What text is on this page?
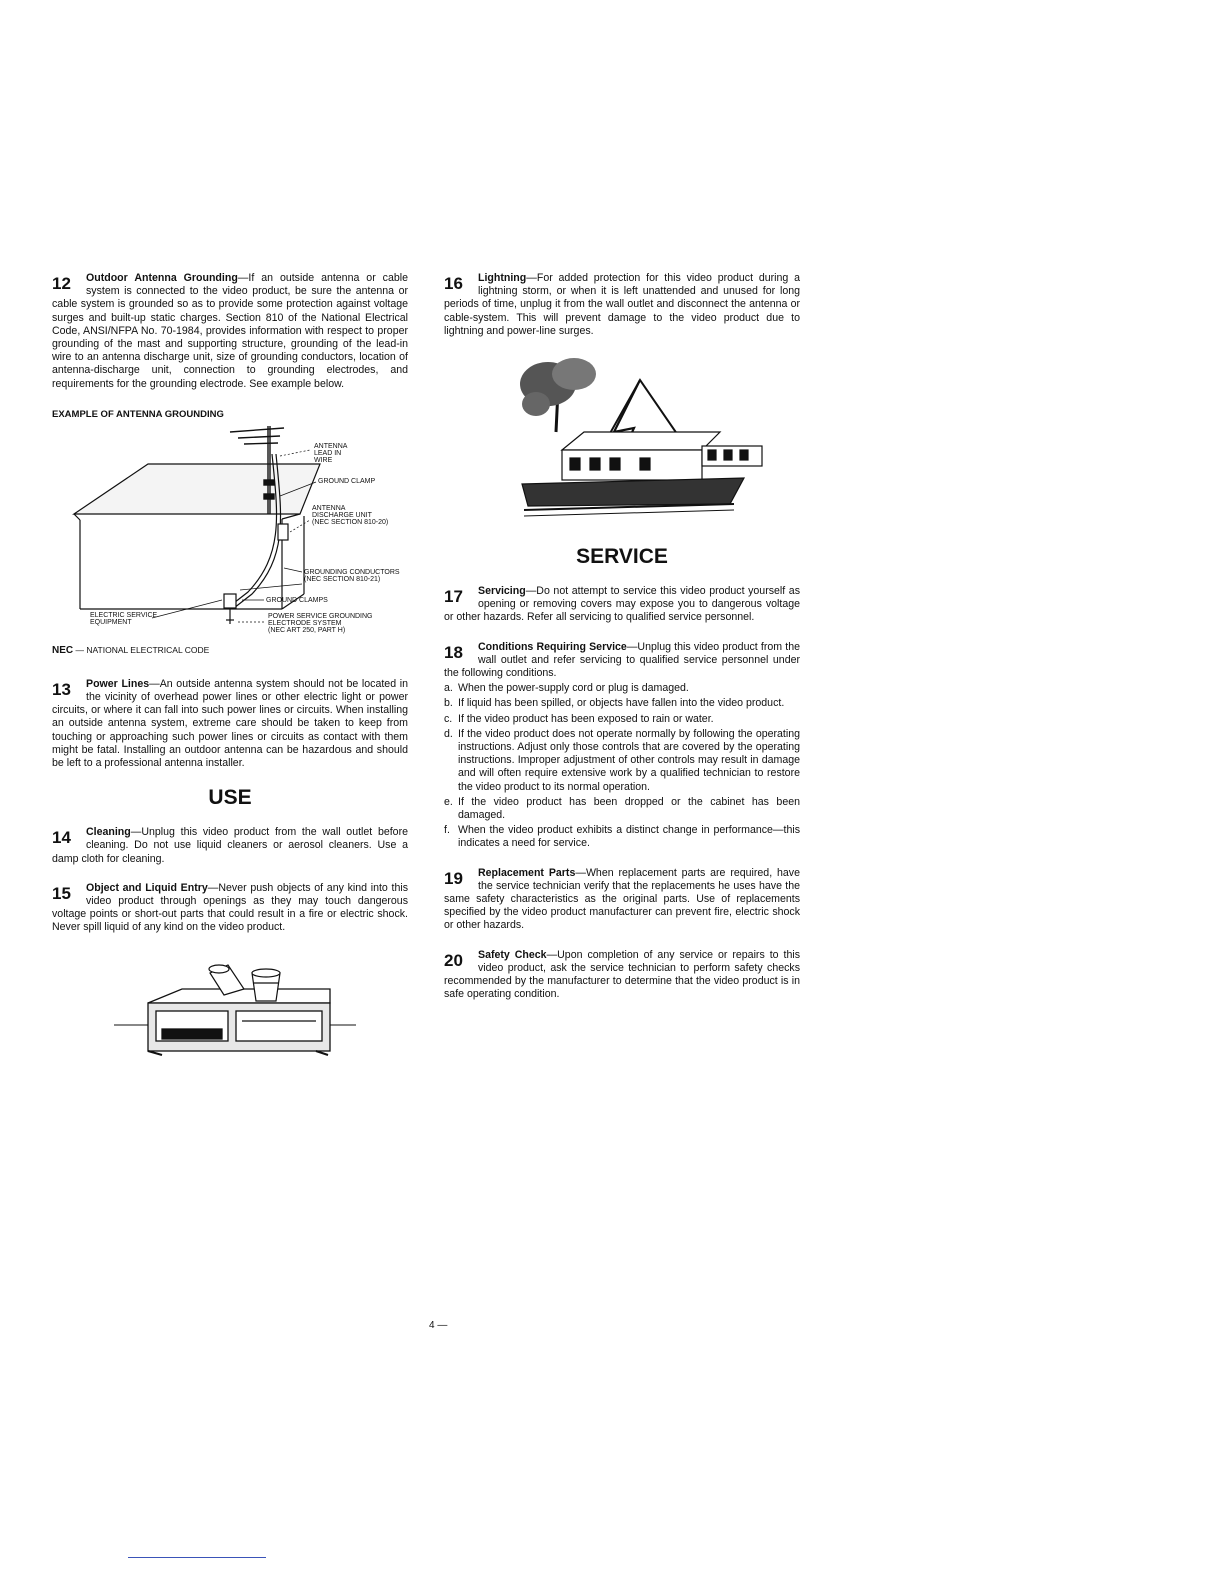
12	Outdoor Antenna Grounding—If an outside antenna or cable system is connected to the video product, be sure the antenna or cable system is grounded so as to provide some protection against voltage surges and built-up static charges. Section 810 of the National Electrical Code, ANSI/NFPA No. 70-1984, provides information with respect to proper grounding of the mast and supporting structure, grounding of the lead-in wire to an antenna discharge unit, size of grounding conductors, location of antenna-discharge unit, connection to grounding electrodes, and requirements for the grounding electrode. See example below.
EXAMPLE OF ANTENNA GROUNDING
ANTENNA LEAD IN WIRE
GROUND CLAMP
ANTENNA DISCHARGE UNIT (NEC SECTION 810-20)
GROUNDING CONDUCTORS (NEC SECTION 810-21)
GROUND CLAMPS
ELECTRIC SERVICE EQUIPMENT
POWER SERVICE GROUNDING ELECTRODE SYSTEM (NEC ART 250, PART H)
NEC — NATIONAL ELECTRICAL CODE
13	Power Lines—An outside antenna system should not be located in the vicinity of overhead power lines or other electric light or power circuits, or where it can fall into such power lines or circuits. When installing an outside antenna system, extreme care should be taken to keep from touching or approaching such power lines or circuits as contact with them might be fatal. Installing an outdoor antenna can be hazardous and should be left to a professional antenna installer.
USE
14	Cleaning—Unplug this video product from the wall outlet before cleaning. Do not use liquid cleaners or aerosol cleaners. Use a damp cloth for cleaning.
15	Object and Liquid Entry—Never push objects of any kind into this video product through openings as they may touch dangerous voltage points or short-out parts that could result in a fire or electric shock. Never spill liquid of any kind on the video product.
16	Lightning—For added protection for this video product during a lightning storm, or when it is left unattended and unused for long periods of time, unplug it from the wall outlet and disconnect the antenna or cable-system. This will prevent damage to the video product due to lightning and power-line surges.
SERVICE
17	Servicing—Do not attempt to service this video product yourself as opening or removing covers may expose you to dangerous voltage or other hazards. Refer all servicing to qualified service personnel.
18	Conditions Requiring Service—Unplug this video product from the wall outlet and refer servicing to qualified service personnel under the following conditions.
a. When the power-supply cord or plug is damaged.
b. If liquid has been spilled, or objects have fallen into the video product.
c. If the video product has been exposed to rain or water.
d. If the video product does not operate normally by following the operating instructions. Adjust only those controls that are covered by the operating instructions. Improper adjustment of other controls may result in damage and will often require extensive work by a qualified technician to restore the video product to its normal operation.
e. If the video product has been dropped or the cabinet has been damaged.
f. When the video product exhibits a distinct change in performance—this indicates a need for service.
19	Replacement Parts—When replacement parts are required, have the service technician verify that the replacements he uses have the same safety characteristics as the original parts. Use of replacements specified by the video product manufacturer can prevent fire, electric shock or other hazards.
20	Safety Check—Upon completion of any service or repairs to this video product, ask the service technician to perform safety checks recommended by the manufacturer to determine that the video product is in safe operating condition.
4 —
